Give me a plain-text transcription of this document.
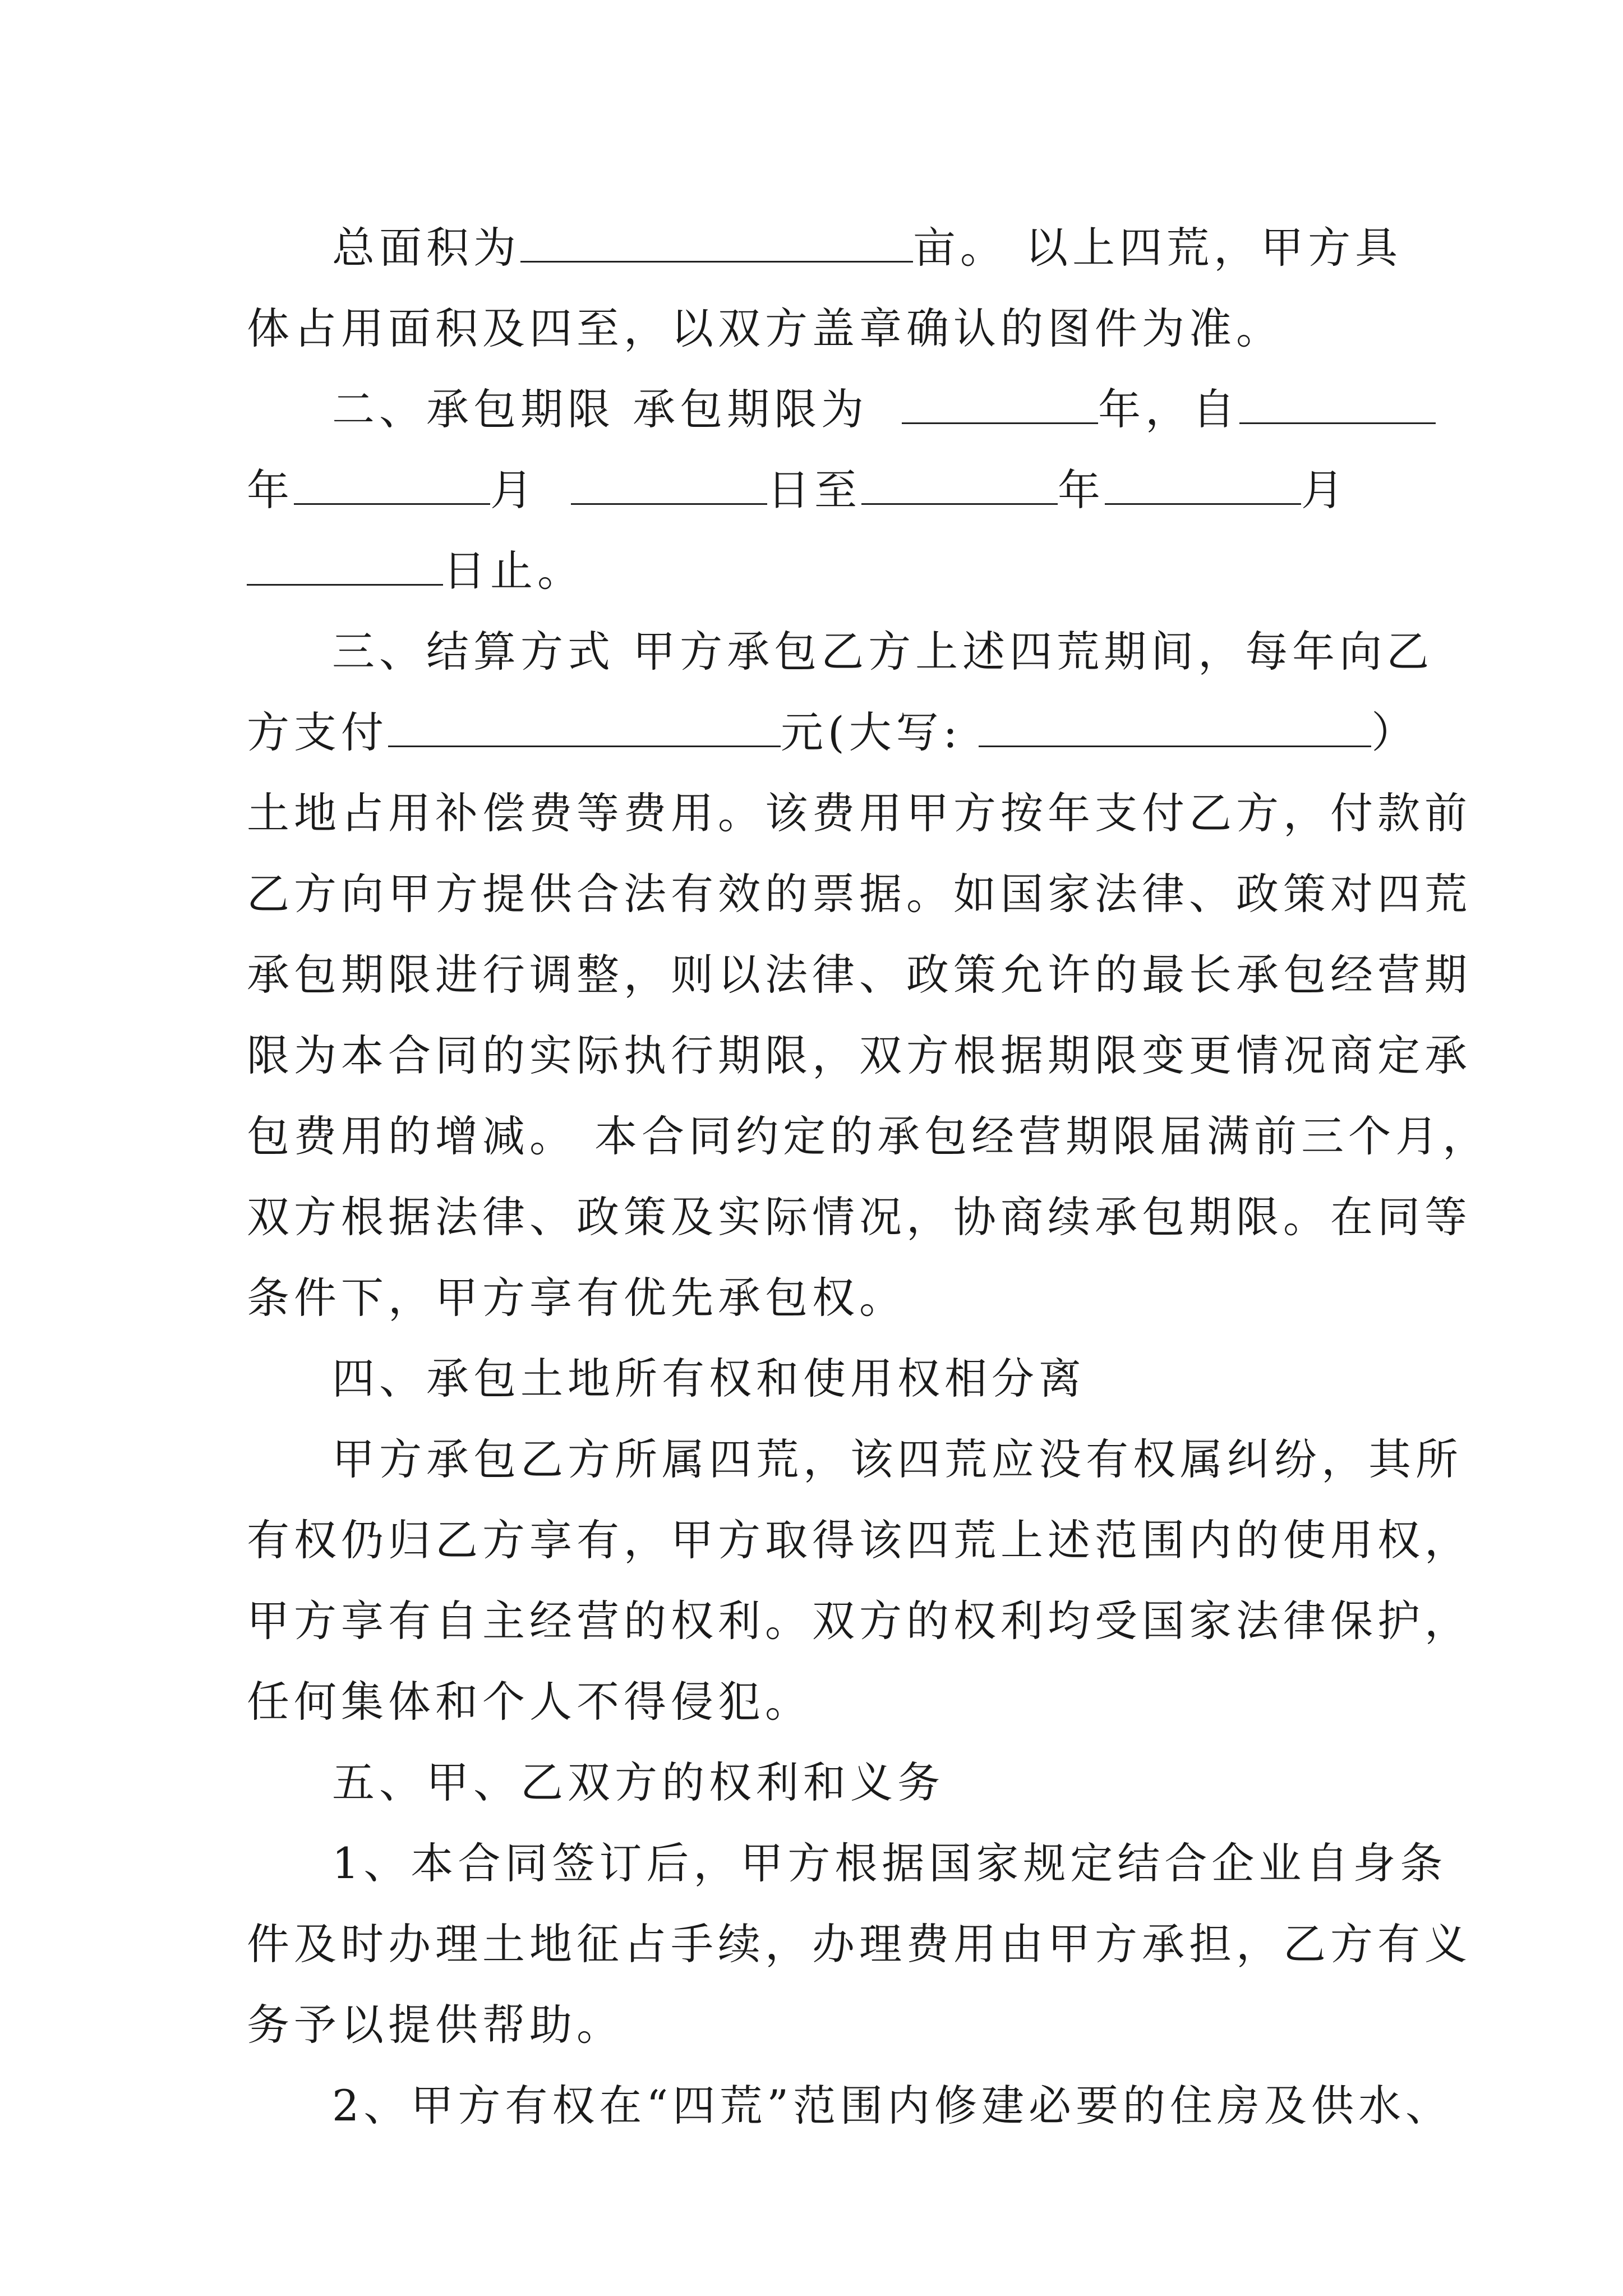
总面积为	亩。 以上四荒，甲方具
体占用面积及四至，以双方盖章确认的图件为准。
二、承包期限 承包期限为	年，自
年	月	日至	年	月
日止。
三、结算方式 甲方承包乙方上述四荒期间，每年向乙
方支付	元(大写:	）
土地占用补偿费等费用。该费用甲方按年支付乙方，付款前
乙方向甲方提供合法有效的票据。如国家法律、政策对四荒
承包期限进行调整，则以法律、政策允许的最长承包经营期
限为本合同的实际执行期限，双方根据期限变更情况商定承
包费用的增减。 本合同约定的承包经营期限届满前三个月，
双方根据法律、政策及实际情况，协商续承包期限。在同等
条件下，甲方享有优先承包权。
四、承包土地所有权和使用权相分离
甲方承包乙方所属四荒，该四荒应没有权属纠纷，其所
有权仍归乙方享有，甲方取得该四荒上述范围内的使用权，
甲方享有自主经营的权利。双方的权利均受国家法律保护，
任何集体和个人不得侵犯。
五、甲、乙双方的权利和义务
1、本合同签订后，甲方根据国家规定结合企业自身条
件及时办理土地征占手续，办理费用由甲方承担，乙方有义
务予以提供帮助。
2、甲方有权在“四荒”范围内修建必要的住房及供水、
